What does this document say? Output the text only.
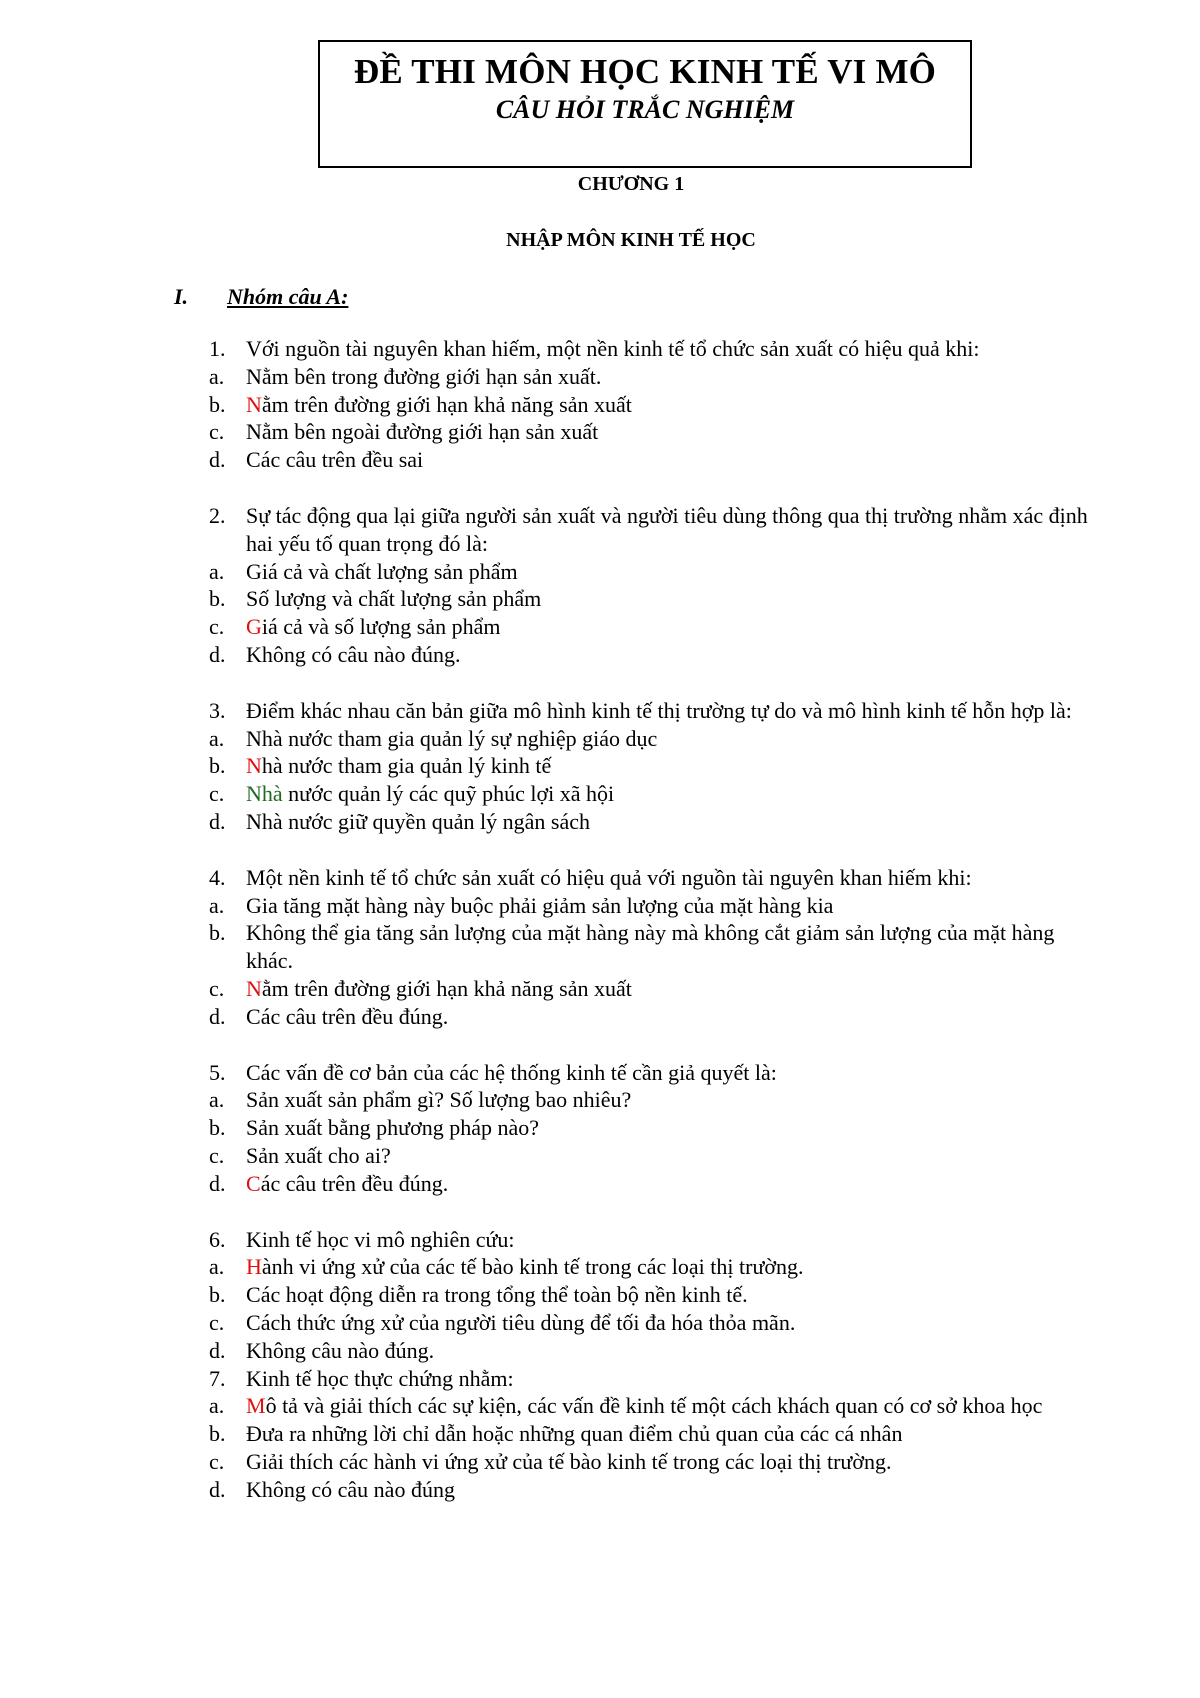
ĐỀ THI MÔN HỌC KINH TẾ VI MÔ
CÂU HỎI TRẮC NGHIỆM
CHƯƠNG 1
NHẬP MÔN KINH TẾ HỌC
I. Nhóm câu A:
1. Với nguồn tài nguyên khan hiếm, một nền kinh tế tổ chức sản xuất có hiệu quả khi:
a. Nằm bên trong đường giới hạn sản xuất.
b. Nằm trên đường giới hạn khả năng sản xuất
c. Nằm bên ngoài đường giới hạn sản xuất
d. Các câu trên đều sai
2. Sự tác động qua lại giữa người sản xuất và người tiêu dùng thông qua thị trường nhằm xác định hai yếu tố quan trọng đó là:
a. Giá cả và chất lượng sản phẩm
b. Số lượng và chất lượng sản phẩm
c. Giá cả và số lượng sản phẩm
d. Không có câu nào đúng.
3. Điểm khác nhau căn bản giữa mô hình kinh tế thị trường tự do và mô hình kinh tế hỗn hợp là:
a. Nhà nước tham gia quản lý sự nghiệp giáo dục
b. Nhà nước tham gia quản lý kinh tế
c. Nhà nước quản lý các quỹ phúc lợi xã hội
d. Nhà nước giữ quyền quản lý ngân sách
4. Một nền kinh tế tổ chức sản xuất có hiệu quả với nguồn tài nguyên khan hiếm khi:
a. Gia tăng mặt hàng này buộc phải giảm sản lượng của mặt hàng kia
b. Không thể gia tăng sản lượng của mặt hàng này mà không cắt giảm sản lượng của mặt hàng khác.
c. Nằm trên đường giới hạn khả năng sản xuất
d. Các câu trên đều đúng.
5. Các vấn đề cơ bản của các hệ thống kinh tế cần giả quyết là:
a. Sản xuất sản phẩm gì? Số lượng bao nhiêu?
b. Sản xuất bằng phương pháp nào?
c. Sản xuất cho ai?
d. Các câu trên đều đúng.
6. Kinh tế học vi mô nghiên cứu:
a. Hành vi ứng xử của các tế bào kinh tế trong các loại thị trường.
b. Các hoạt động diễn ra trong tổng thể toàn bộ nền kinh tế.
c. Cách thức ứng xử của người tiêu dùng để tối đa hóa thỏa mãn.
d. Không câu nào đúng.
7. Kinh tế học thực chứng nhằm:
a. Mô tả và giải thích các sự kiện, các vấn đề kinh tế một cách khách quan có cơ sở khoa học
b. Đưa ra những lời chỉ dẫn hoặc những quan điểm chủ quan của các cá nhân
c. Giải thích các hành vi ứng xử của tế bào kinh tế trong các loại thị trường.
d. Không có câu nào đúng
